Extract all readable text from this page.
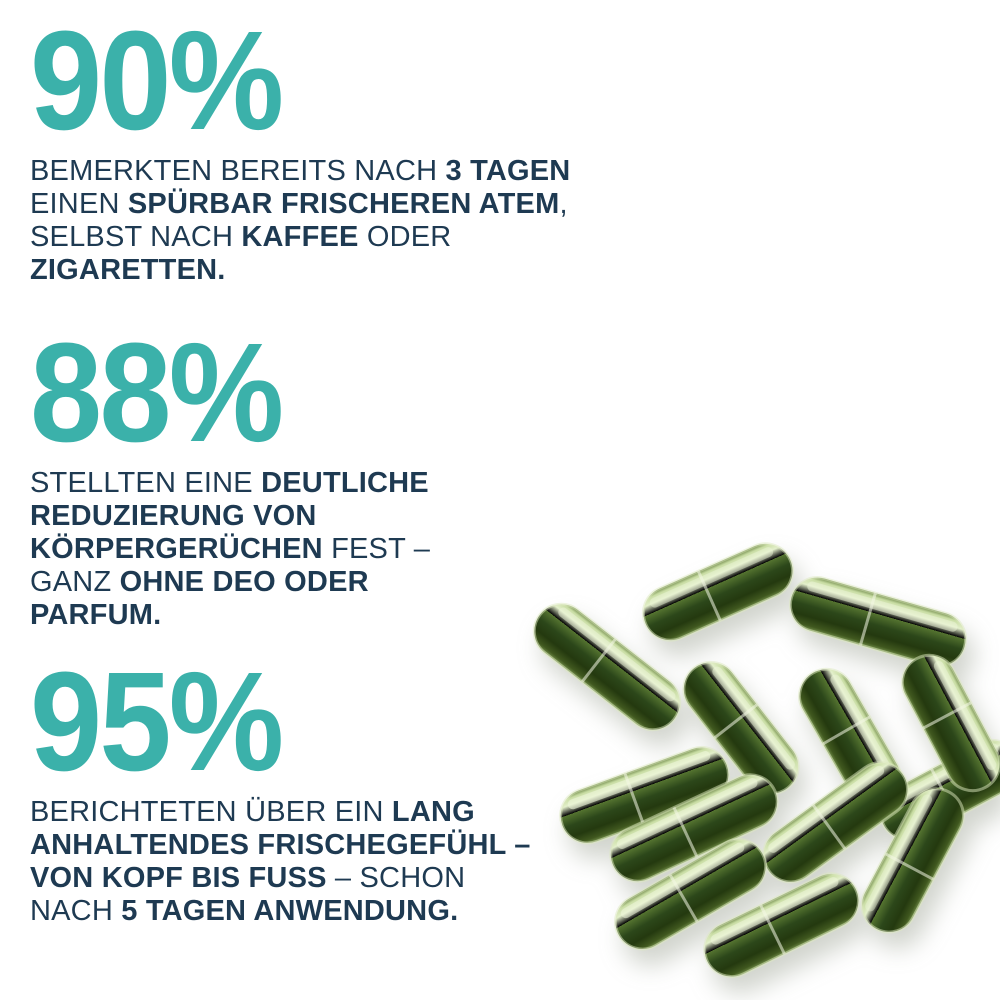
90%
BEMERKTEN BEREITS NACH 3 TAGEN
EINEN SPÜRBAR FRISCHEREN ATEM,
SELBST NACH KAFFEE ODER
ZIGARETTEN.
88%
STELLTEN EINE DEUTLICHE
REDUZIERUNG VON
KÖRPERGERÜCHEN FEST –
GANZ OHNE DEO ODER
PARFUM.
95%
BERICHTETEN ÜBER EIN LANG
ANHALTENDES FRISCHEGEFÜHL –
VON KOPF BIS FUSS – SCHON
NACH 5 TAGEN ANWENDUNG.
